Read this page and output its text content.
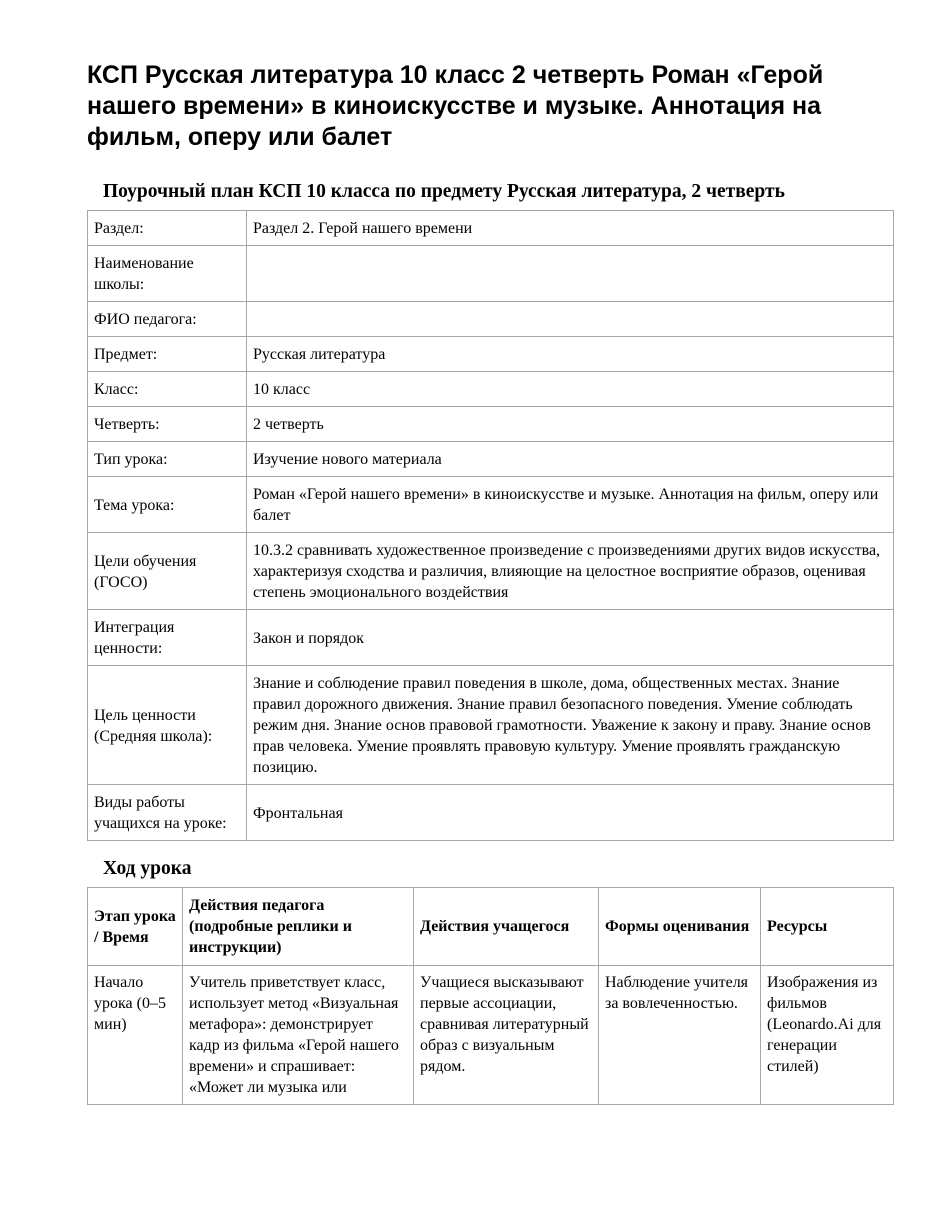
КСП Русская литература 10 класс 2 четверть Роман «Герой нашего времени» в киноискусстве и музыке. Аннотация на фильм, оперу или балет
Поурочный план КСП 10 класса по предмету Русская литература, 2 четверть
Раздел:	Раздел 2. Герой нашего времени
Наименование школы:	
ФИО педагога:	
Предмет:	Русская литература
Класс:	10 класс
Четверть:	2 четверть
Тип урока:	Изучение нового материала
Тема урока:	Роман «Герой нашего времени» в киноискусстве и музыке. Аннотация на фильм, оперу или балет
Цели обучения (ГОСО)	10.3.2 сравнивать художественное произведение с произведениями других видов искусства, характеризуя сходства и различия, влияющие на целостное восприятие образов, оценивая степень эмоционального воздействия
Интеграция ценности:	Закон и порядок
Цель ценности (Средняя школа):	Знание и соблюдение правил поведения в школе, дома, общественных местах. Знание правил дорожного движения. Знание правил безопасного поведения. Умение соблюдать режим дня. Знание основ правовой грамотности. Уважение к закону и праву. Знание основ прав человека. Умение проявлять правовую культуру. Умение проявлять гражданскую позицию.
Виды работы учащихся на уроке:	Фронтальная
Ход урока
Этап урока / Время	Действия педагога (подробные реплики и инструкции)	Действия учащегося	Формы оценивания	Ресурсы
Начало урока (0–5 мин)	Учитель приветствует класс, использует метод «Визуальная метафора»: демонстрирует кадр из фильма «Герой нашего времени» и спрашивает: «Может ли музыка или	Учащиеся высказывают первые ассоциации, сравнивая литературный образ с визуальным рядом.	Наблюдение учителя за вовлеченностью.	Изображения из фильмов (Leonardo.Ai для генерации стилей)
